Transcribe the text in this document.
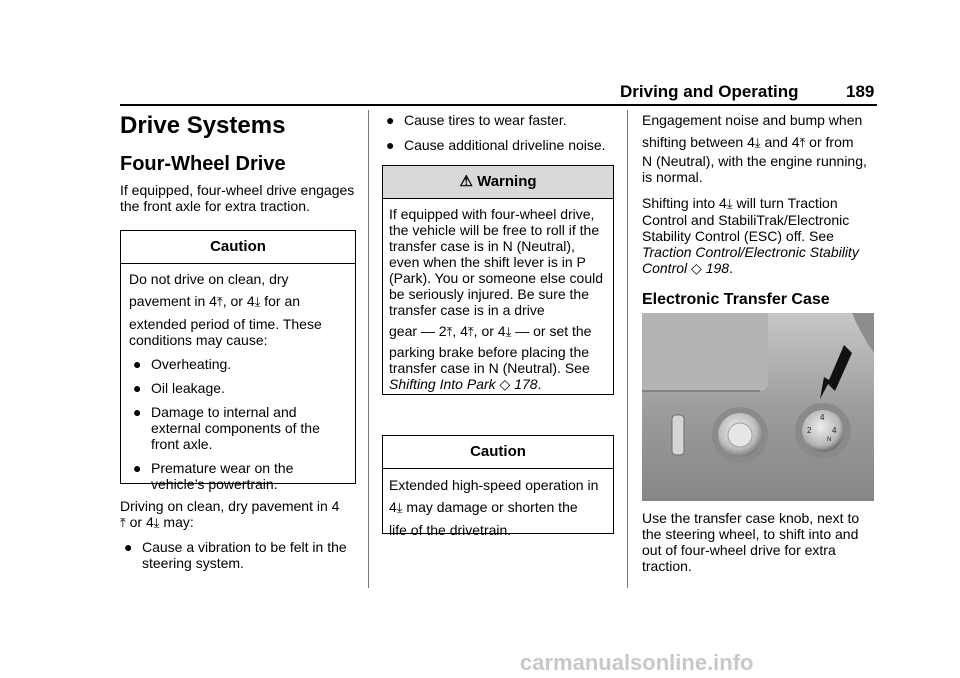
Driving and Operating	189
Drive Systems
Four-Wheel Drive

If equipped, four-wheel drive engages the front axle for extra traction.

Caution

Do not drive on clean, dry

pavement in 4⤒, or 4⤓ for an

extended period of time. These conditions may cause:

● Overheating.
● Oil leakage.
● Damage to internal and external components of the front axle.
● Premature wear on the vehicle’s powertrain.

Driving on clean, dry pavement in 4
⤒ or 4⤓ may:

● Cause a vibration to be felt in the steering system.
● Cause tires to wear faster.
● Cause additional driveline noise.
⚠ Warning

If equipped with four-wheel drive, the vehicle will be free to roll if the transfer case is in N (Neutral), even when the shift lever is in P (Park). You or someone else could be seriously injured. Be sure the transfer case is in a drive

gear — 2⤒, 4⤒, or 4⤓ — or set the

parking brake before placing the transfer case in N (Neutral). See

Shifting Into Park ◇ 178.

Caution

Extended high-speed operation in

4⤓ may damage or shorten the

life of the drivetrain.

Engagement noise and bump when

shifting between 4⤓ and 4⤒ or from

N (Neutral), with the engine running, is normal.

Shifting into 4⤓ will turn Traction

Control and StabiliTrak/Electronic Stability Control (ESC) off. See

Traction Control/Electronic Stability Control ◇ 198.

Electronic Transfer Case
2
4
4
N
Use the transfer case knob, next to the steering wheel, to shift into and out of four-wheel drive for extra traction.
carmanualsonline.info
